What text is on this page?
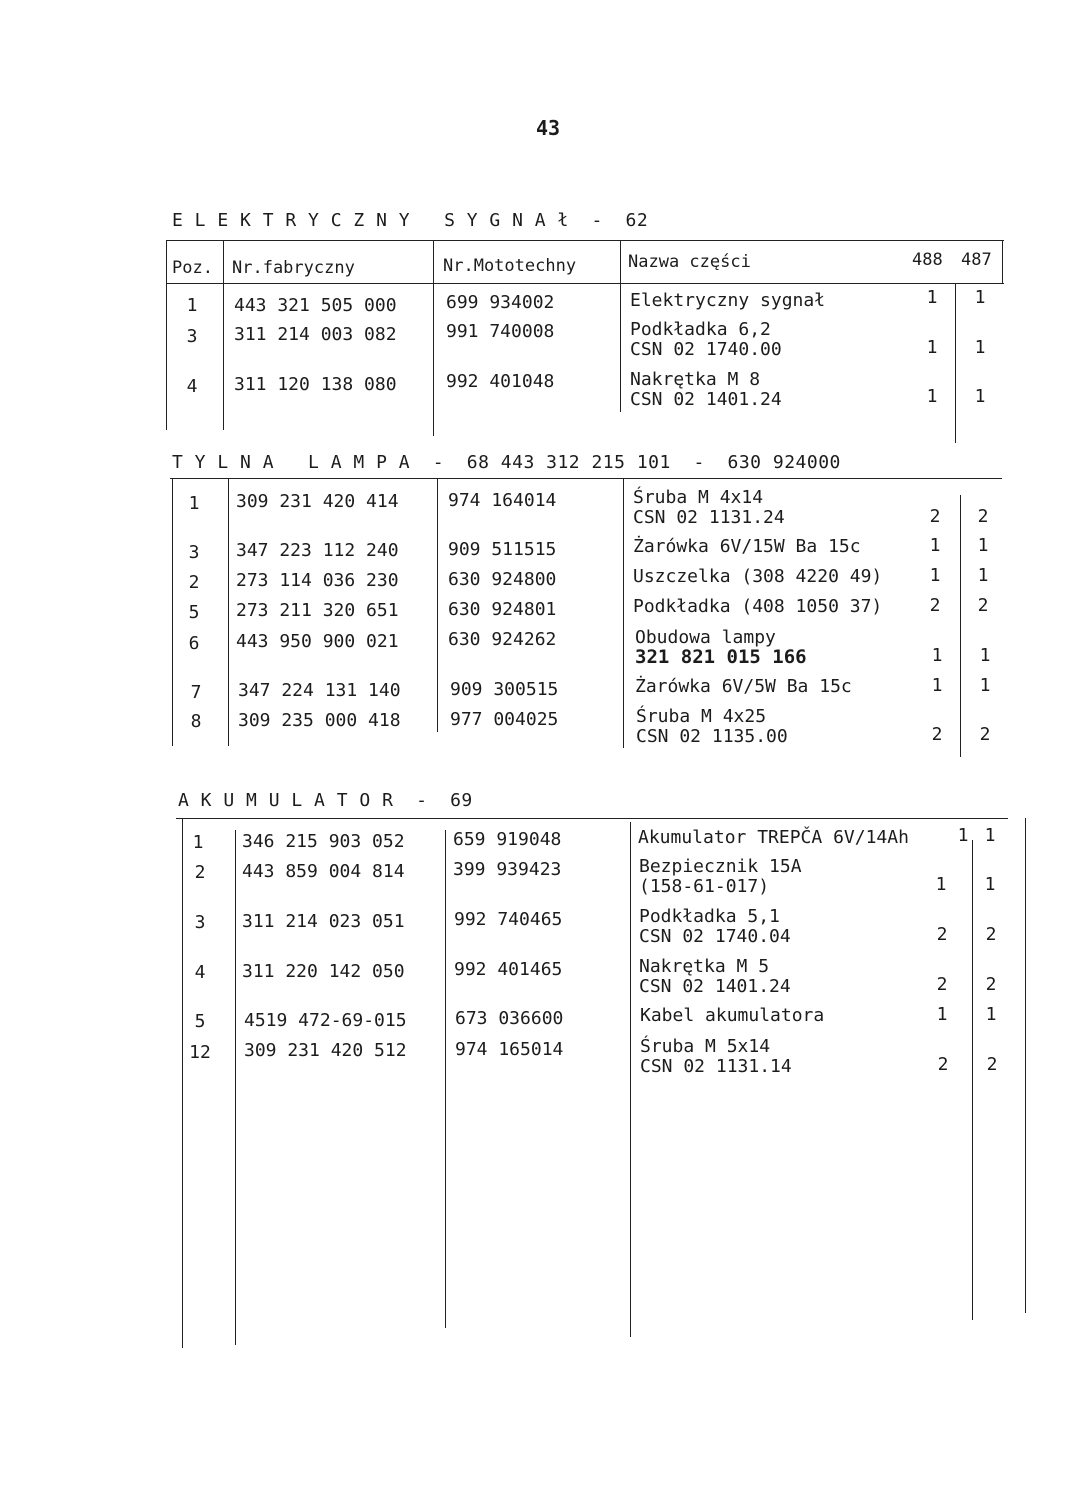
43
E L E K T R Y C Z N Y   S Y G N A ł  -  62
Poz. Nr.fabryczny	Nr.Mototechny	Nazwa części	488 487
1	443 321 505 000	699 934002	Elektryczny sygnał	1	1
3	311 214 003 082	991 740008	Podkładka 6,2
CSN 02 1740.00	1	1
4	311 120 138 080	992 401048	Nakrętka M 8
CSN 02 1401.24	1	1
T Y L N A   L A M P A  -  68 443 312 215 101  -  630 924000
1	309 231 420 414	974 164014	Śruba M 4x14
CSN 02 1131.24	2	2
3	347 223 112 240	909 511515	Żarówka 6V/15W Ba 15c	1	1
2	273 114 036 230	630 924800	Uszczelka (308 4220 49)	1	1
5	273 211 320 651	630 924801	Podkładka (408 1050 37)	2	2
6	443 950 900 021	630 924262	Obudowa lampy
321 821 015 166	1	1
7	347 224 131 140	909 300515	Żarówka 6V/5W Ba 15c	1	1
8	309 235 000 418	977 004025	Śruba M 4x25
CSN 02 1135.00	2	2
A K U M U L A T O R  -  69
1	346 215 903 052	659 919048	Akumulator TREPČA 6V/14Ah	1 1
2	443 859 004 814	399 939423	Bezpiecznik 15A
(158-61-017)	1	1
3	311 214 023 051	992 740465	Podkładka 5,1
CSN 02 1740.04	2	2
4	311 220 142 050	992 401465	Nakrętka M 5
CSN 02 1401.24	2	2
5	4519 472-69-015	673 036600	Kabel akumulatora	1	1
12	309 231 420 512	974 165014	Śruba M 5x14
CSN 02 1131.14	2	2
